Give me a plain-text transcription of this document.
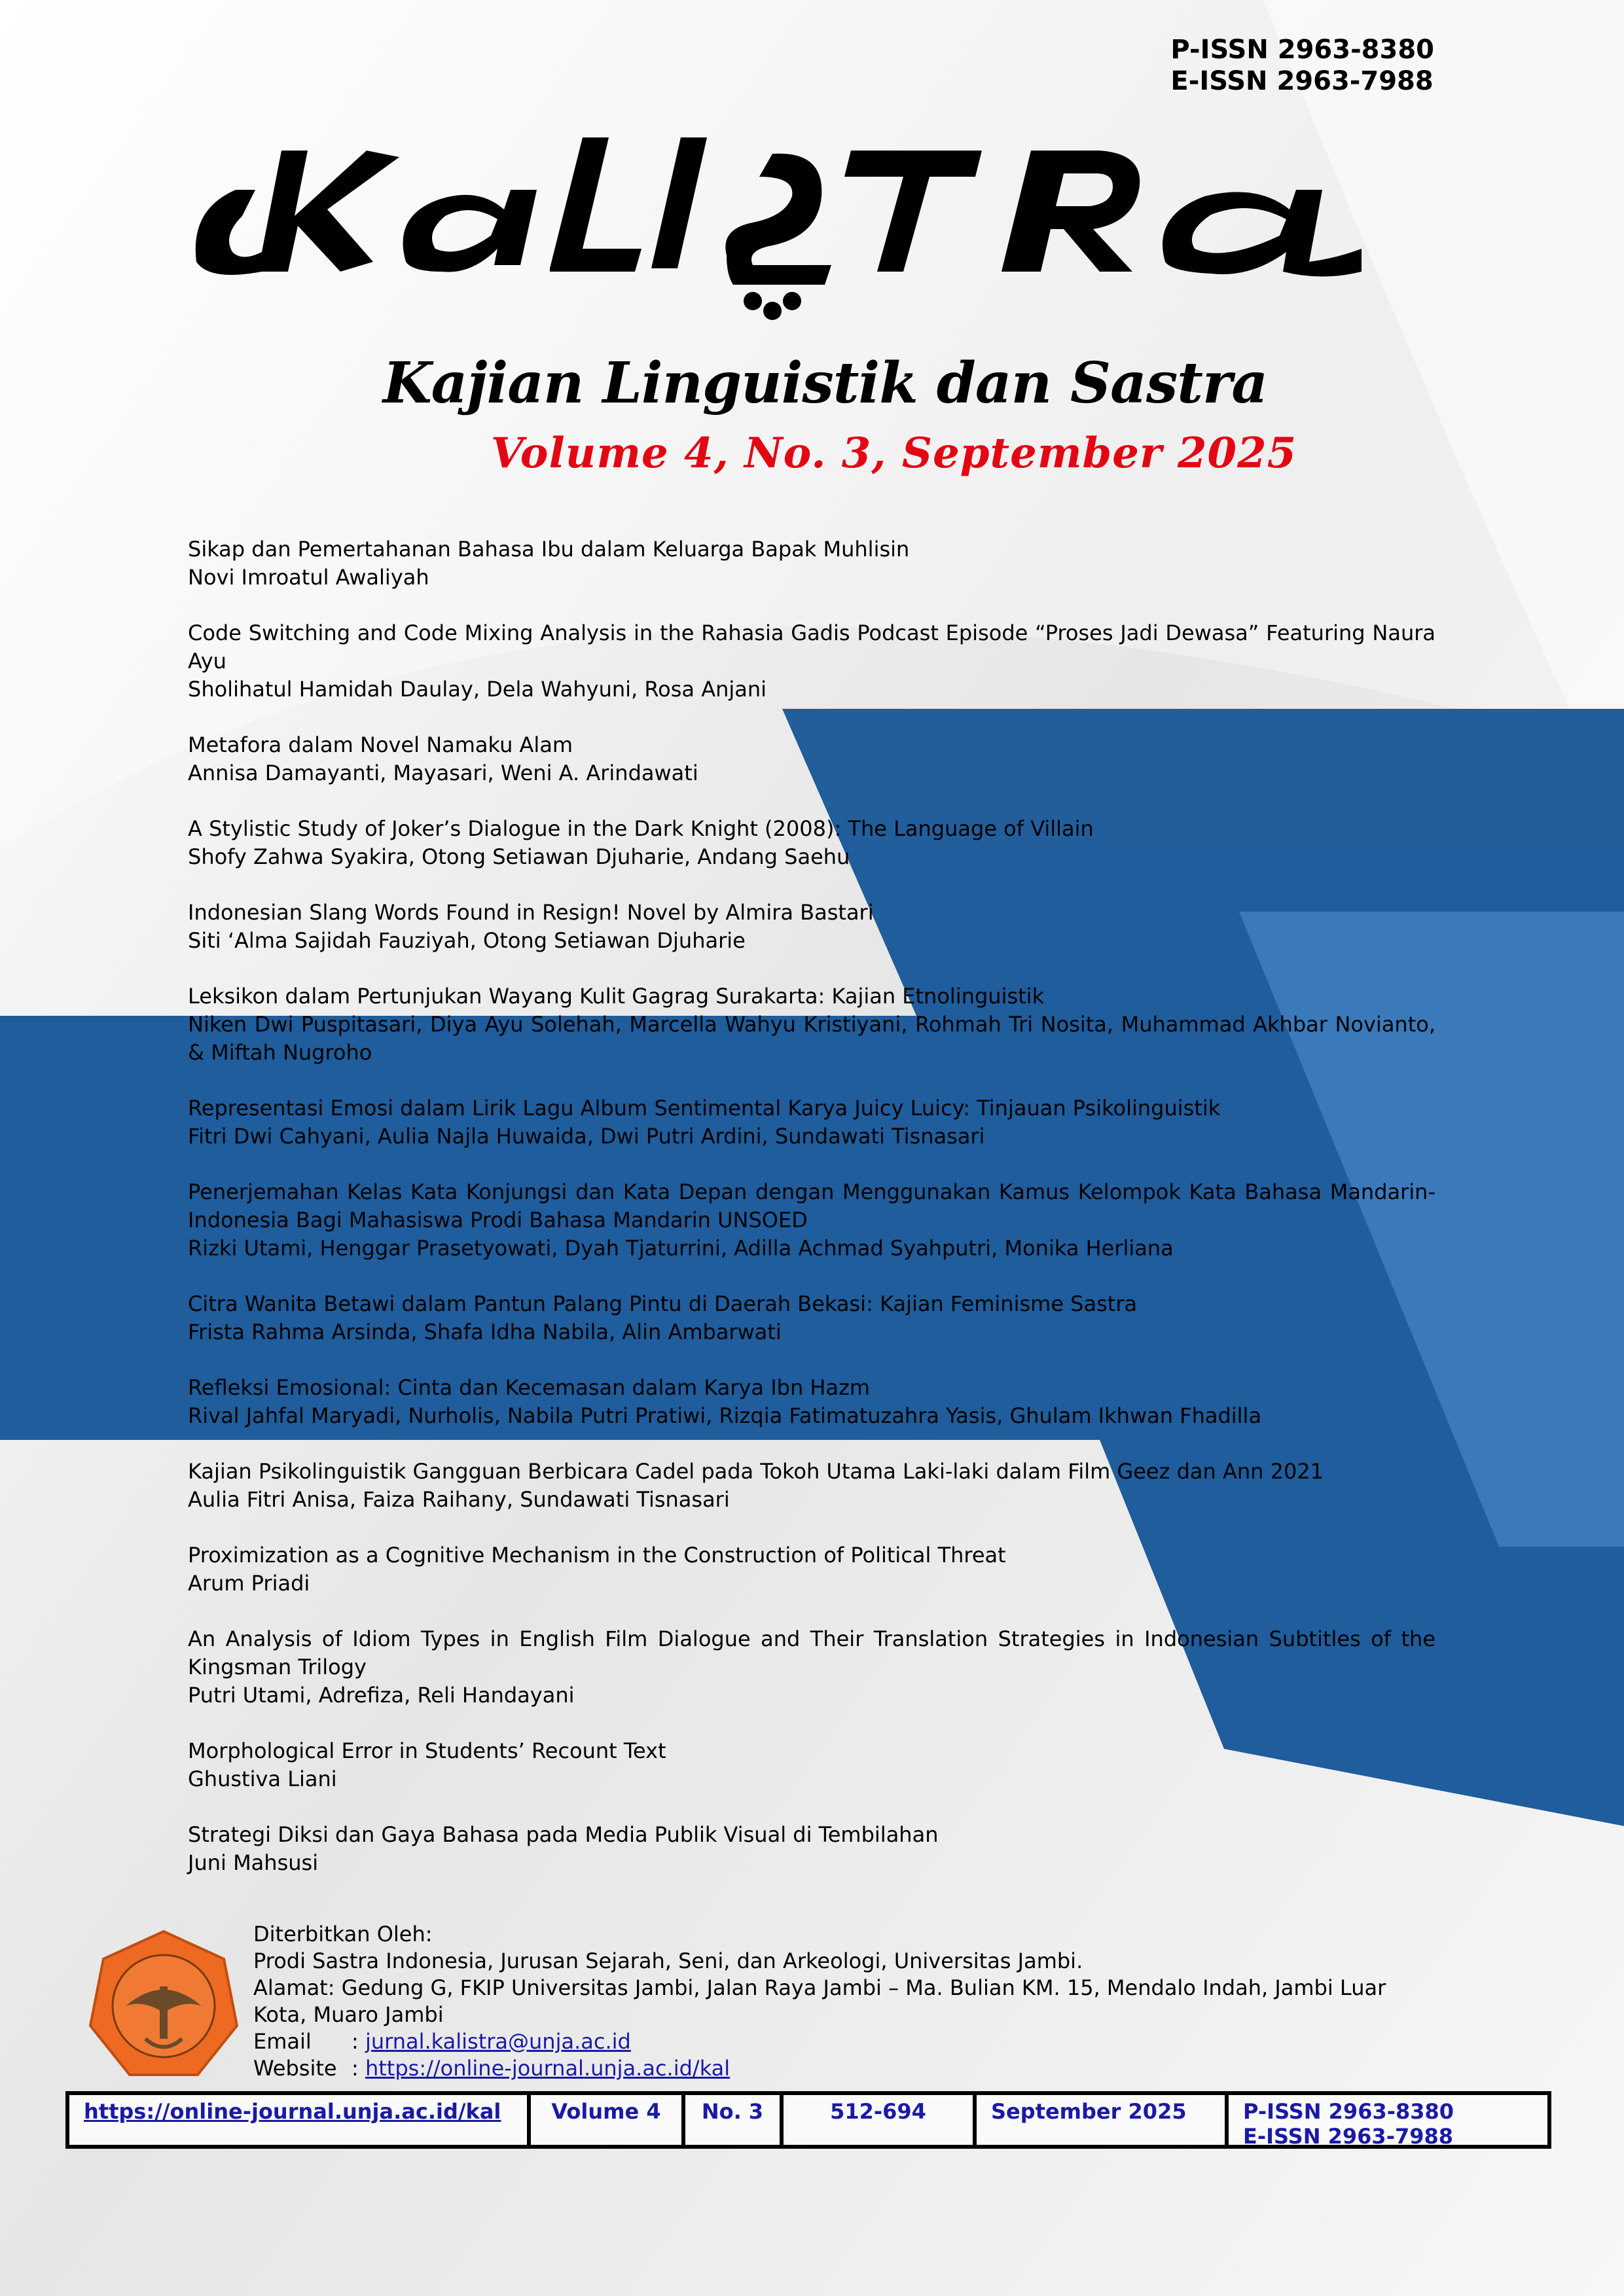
P-ISSN 2963-8380
E-ISSN 2963-7988
Kajian Linguistik dan Sastra
Volume 4, No. 3, September 2025
Sikap dan Pemertahanan Bahasa Ibu dalam Keluarga Bapak Muhlisin
Novi Imroatul Awaliyah
Code Switching and Code Mixing Analysis in the Rahasia Gadis Podcast Episode “Proses Jadi Dewasa” Featuring Naura Ayu
Sholihatul Hamidah Daulay, Dela Wahyuni, Rosa Anjani
Metafora dalam Novel Namaku Alam
Annisa Damayanti, Mayasari, Weni A. Arindawati
A Stylistic Study of Joker’s Dialogue in the Dark Knight (2008): The Language of Villain
Shofy Zahwa Syakira, Otong Setiawan Djuharie, Andang Saehu
Indonesian Slang Words Found in Resign! Novel by Almira Bastari
Siti ‘Alma Sajidah Fauziyah, Otong Setiawan Djuharie
Leksikon dalam Pertunjukan Wayang Kulit Gagrag Surakarta: Kajian Etnolinguistik
Niken Dwi Puspitasari, Diya Ayu Solehah, Marcella Wahyu Kristiyani, Rohmah Tri Nosita, Muhammad Akhbar Novianto, & Miftah Nugroho
Representasi Emosi dalam Lirik Lagu Album Sentimental Karya Juicy Luicy: Tinjauan Psikolinguistik
Fitri Dwi Cahyani, Aulia Najla Huwaida, Dwi Putri Ardini, Sundawati Tisnasari
Penerjemahan Kelas Kata Konjungsi dan Kata Depan dengan Menggunakan Kamus Kelompok Kata Bahasa Mandarin-Indonesia Bagi Mahasiswa Prodi Bahasa Mandarin UNSOED
Rizki Utami, Henggar Prasetyowati, Dyah Tjaturrini, Adilla Achmad Syahputri, Monika Herliana
Citra Wanita Betawi dalam Pantun Palang Pintu di Daerah Bekasi: Kajian Feminisme Sastra
Frista Rahma Arsinda, Shafa Idha Nabila, Alin Ambarwati
Refleksi Emosional: Cinta dan Kecemasan dalam Karya Ibn Hazm
Rival Jahfal Maryadi, Nurholis, Nabila Putri Pratiwi, Rizqia Fatimatuzahra Yasis, Ghulam Ikhwan Fhadilla
Kajian Psikolinguistik Gangguan Berbicara Cadel pada Tokoh Utama Laki-laki dalam Film Geez dan Ann 2021
Aulia Fitri Anisa, Faiza Raihany, Sundawati Tisnasari
Proximization as a Cognitive Mechanism in the Construction of Political Threat
Arum Priadi
An Analysis of Idiom Types in English Film Dialogue and Their Translation Strategies in Indonesian Subtitles of the Kingsman Trilogy
Putri Utami, Adrefiza, Reli Handayani
Morphological Error in Students’ Recount Text
Ghustiva Liani
Strategi Diksi dan Gaya Bahasa pada Media Publik Visual di Tembilahan
Juni Mahsusi
Diterbitkan Oleh:
Prodi Sastra Indonesia, Jurusan Sejarah, Seni, dan Arkeologi, Universitas Jambi.
Alamat: Gedung G, FKIP Universitas Jambi, Jalan Raya Jambi – Ma. Bulian KM. 15, Mendalo Indah, Jambi Luar Kota, Muaro Jambi
Email	: jurnal.kalistra@unja.ac.id
Website : https://online-journal.unja.ac.id/kal
https://online-journal.unja.ac.id/kal	Volume 4	No. 3	512-694	September 2025	P-ISSN 2963-8380
E-ISSN 2963-7988
